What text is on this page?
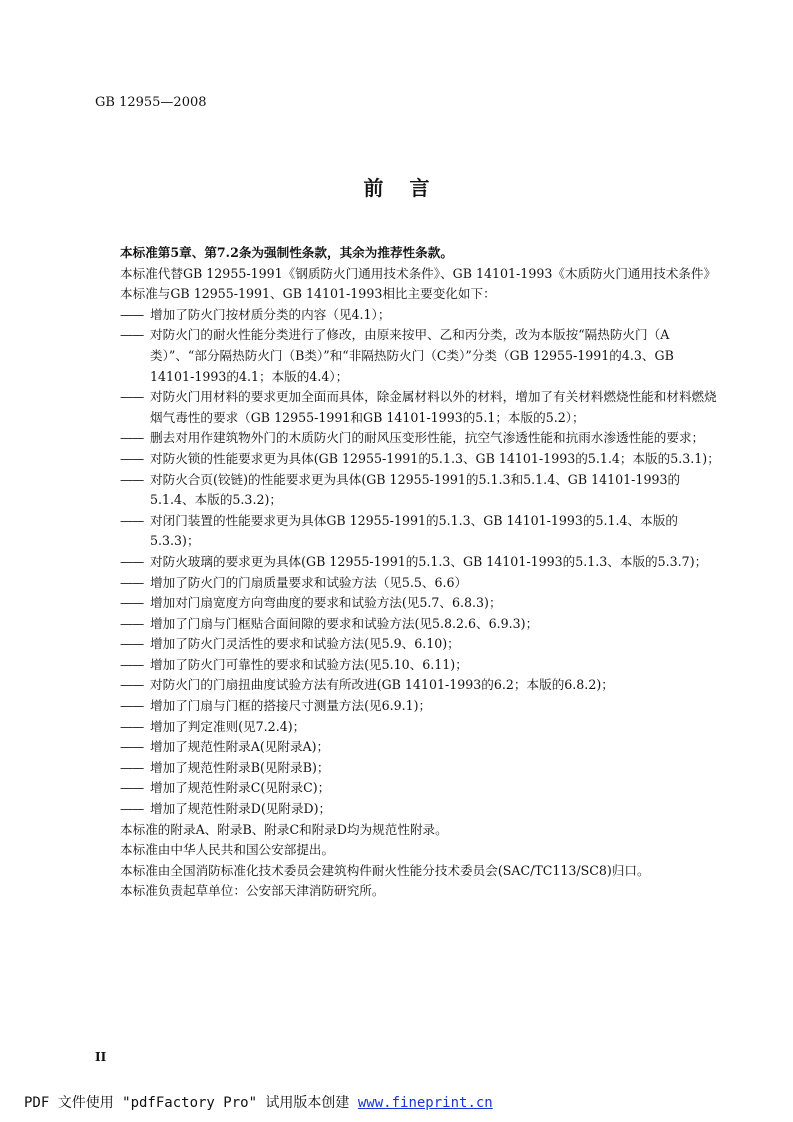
GB 12955—2008
前言

本标准第5章、第7.2条为强制性条款，其余为推荐性条款。

本标准代替GB 12955-1991《钢质防火门通用技术条件》、GB 14101-1993《木质防火门通用技术条件》

本标准与GB 12955-1991、GB 14101-1993相比主要变化如下：

—— 增加了防火门按材质分类的内容（见4.1）；

—— 对防火门的耐火性能分类进行了修改，由原来按甲、乙和丙分类，改为本版按“隔热防火门（A类）”、“部分隔热防火门（B类）”和“非隔热防火门（C类）”分类（GB 12955-1991的4.3、GB 14101-1993的4.1；本版的4.4）；

—— 对防火门用材料的要求更加全面而具体，除金属材料以外的材料，增加了有关材料燃烧性能和材料燃烧烟气毒性的要求（GB 12955-1991和GB 14101-1993的5.1；本版的5.2）；

—— 删去对用作建筑物外门的木质防火门的耐风压变形性能，抗空气渗透性能和抗雨水渗透性能的要求；

—— 对防火锁的性能要求更为具体(GB 12955-1991的5.1.3、GB 14101-1993的5.1.4；本版的5.3.1)；

—— 对防火合页(铰链)的性能要求更为具体(GB 12955-1991的5.1.3和5.1.4、GB 14101-1993的5.1.4、本版的5.3.2)；

—— 对闭门装置的性能要求更为具体GB 12955-1991的5.1.3、GB 14101-1993的5.1.4、本版的5.3.3)；

—— 对防火玻璃的要求更为具体(GB 12955-1991的5.1.3、GB 14101-1993的5.1.3、本版的5.3.7)；

—— 增加了防火门的门扇质量要求和试验方法（见5.5、6.6）

—— 增加对门扇宽度方向弯曲度的要求和试验方法(见5.7、6.8.3)；

—— 增加了门扇与门框贴合面间隙的要求和试验方法(见5.8.2.6、6.9.3)；

—— 增加了防火门灵活性的要求和试验方法(见5.9、6.10)；

—— 增加了防火门可靠性的要求和试验方法(见5.10、6.11)；

—— 对防火门的门扇扭曲度试验方法有所改进(GB 14101-1993的6.2；本版的6.8.2)；

—— 增加了门扇与门框的搭接尺寸测量方法(见6.9.1)；

—— 增加了判定准则(见7.2.4)；

—— 增加了规范性附录A(见附录A)；

—— 增加了规范性附录B(见附录B)；

—— 增加了规范性附录C(见附录C)；

—— 增加了规范性附录D(见附录D)；

本标准的附录A、附录B、附录C和附录D均为规范性附录。

本标准由中华人民共和国公安部提出。

本标准由全国消防标准化技术委员会建筑构件耐火性能分技术委员会(SAC/TC113/SC8)归口。

本标准负责起草单位：公安部天津消防研究所。

II
PDF 文件使用 "pdfFactory Pro" 试用版本创建 www.fineprint.cn
